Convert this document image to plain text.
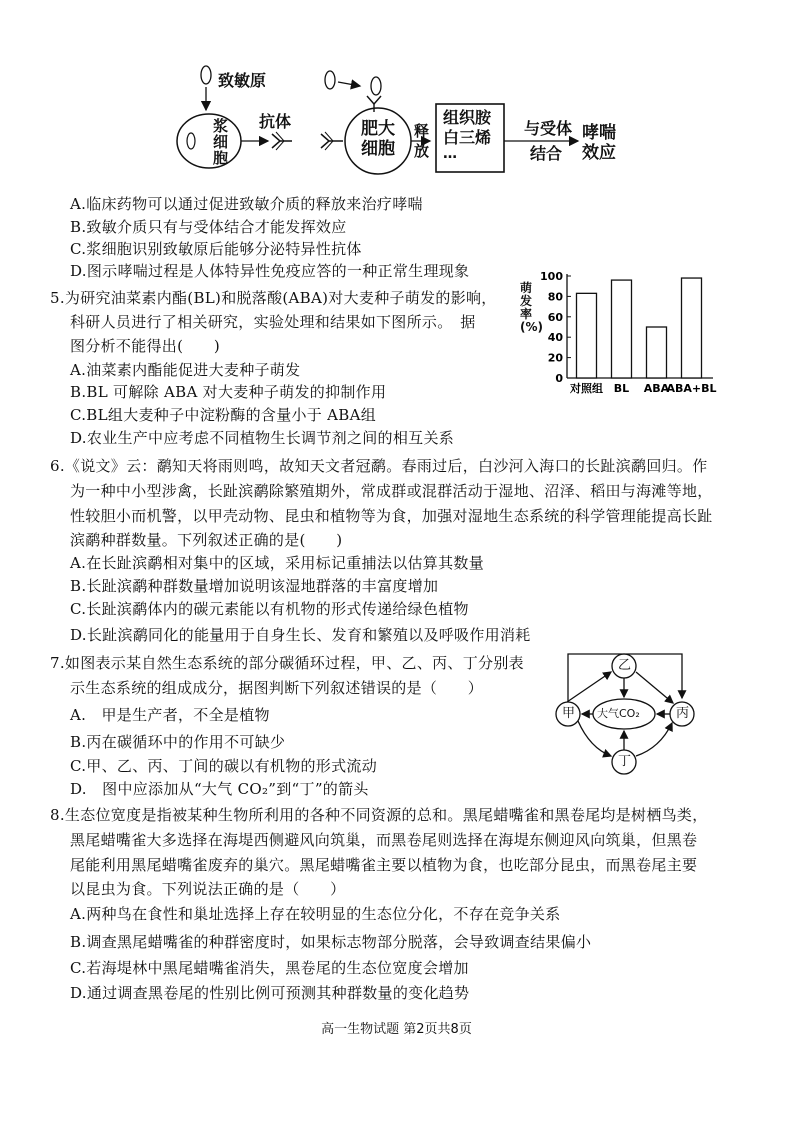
致敏原
浆
细
胞
抗体	肥大
细胞
释
放
组织胺
白三烯
…
与受体
结合
哮喘
效应
A.临床药物可以通过促进致敏介质的释放来治疗哮喘
B.致敏介质只有与受体结合才能发挥效应
C.浆细胞识别致敏原后能够分泌特异性抗体
D.图示哮喘过程是人体特异性免疫应答的一种正常生理现象
5.为研究油菜素内酯(BL)和脱落酸(ABA)对大麦种子萌发的影响，
科研人员进行了相关研究，实验处理和结果如下图所示。　据
图分析不能得出(　　)
A.油菜素内酯能促进大麦种子萌发
B.BL 可解除 ABA 对大麦种子萌发的抑制作用
C.BL组大麦种子中淀粉酶的含量小于 ABA组
D.农业生产中应考虑不同植物生长调节剂之间的相互关系
0
20
40
60
80
100
对照组 BL ABA
ABA+BL
萌发率(%)
6.《说文》云：鹬知天将雨则鸣，故知天文者冠鹬。春雨过后，白沙河入海口的长趾滨鹬回归。作
为一种中小型涉禽，长趾滨鹬除繁殖期外，常成群或混群活动于湿地、沼泽、稻田与海滩等地，
性较胆小而机警，以甲壳动物、昆虫和植物等为食，加强对湿地生态系统的科学管理能提高长趾
滨鹬种群数量。下列叙述正确的是(　　)
A.在长趾滨鹬相对集中的区域，采用标记重捕法以估算其数量
B.长趾滨鹬种群数量增加说明该湿地群落的丰富度增加
C.长趾滨鹬体内的碳元素能以有机物的形式传递给绿色植物
D.长趾滨鹬同化的能量用于自身生长、发育和繁殖以及呼吸作用消耗
7.如图表示某自然生态系统的部分碳循环过程，甲、乙、丙、丁分别表
示生态系统的组成成分，据图判断下列叙述错误的是（　　）
A.　甲是生产者，不全是植物
B.丙在碳循环中的作用不可缺少
C.甲、乙、丙、丁间的碳以有机物的形式流动
D.　图中应添加从“大气 CO₂”到“丁”的箭头
乙
甲	丙
丁
大气CO₂
8.生态位宽度是指被某种生物所利用的各种不同资源的总和。黑尾蜡嘴雀和黑卷尾均是树栖鸟类，
黑尾蜡嘴雀大多选择在海堤西侧避风向筑巢，而黑卷尾则选择在海堤东侧迎风向筑巢，但黑卷
尾能利用黑尾蜡嘴雀废弃的巢穴。黑尾蜡嘴雀主要以植物为食，也吃部分昆虫，而黑卷尾主要
以昆虫为食。下列说法正确的是（　　）
A.两种鸟在食性和巢址选择上存在较明显的生态位分化，不存在竞争关系
B.调查黑尾蜡嘴雀的种群密度时，如果标志物部分脱落，会导致调查结果偏小
C.若海堤林中黑尾蜡嘴雀消失，黑卷尾的生态位宽度会增加
D.通过调查黑卷尾的性别比例可预测其种群数量的变化趋势
高一生物试题 第2页共8页
